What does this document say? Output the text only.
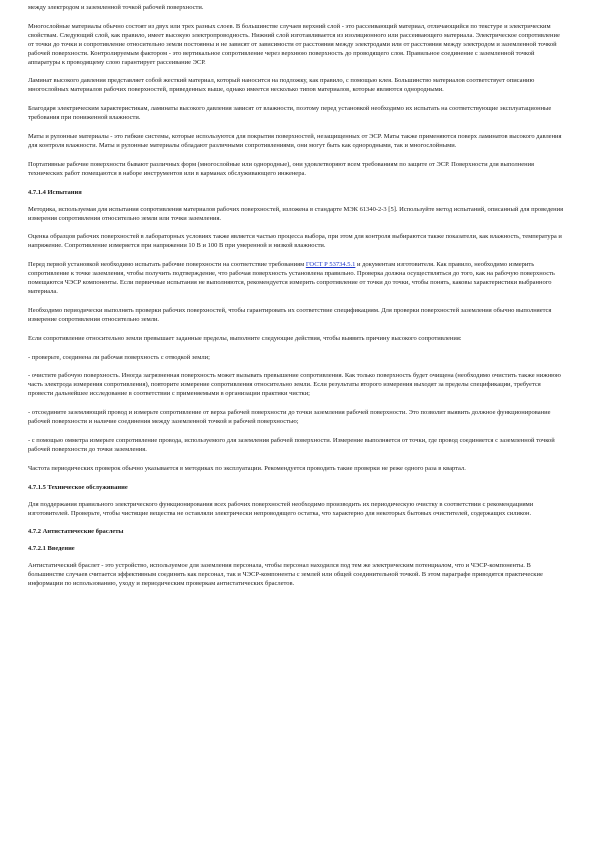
между электродом и заземленной точкой рабочей поверхности.
Многослойные материалы обычно состоят из двух или трех разных слоев. В большинстве случаев верхний слой - это рассеивающий материал, отличающийся по текстуре и электрическим свойствам. Следующий слой, как правило, имеет высокую электропроводность. Нижний слой изготавливается из изоляционного или рассеивающего материала. Электрическое сопротивление от точки до точки и сопротивление относительно земли постоянны и не зависят от зависимости от расстояния между электродами или от расстояния между электродом и заземленной точкой рабочей поверхности. Контролируемым фактором - это вертикальное сопротивление через верхнюю поверхность до проводящего слоя. Правильное соединение с заземленной точкой аппаратуры к проводящему слою гарантирует рассеивание ЭСР.
Ламинат высокого давления представляет собой жесткий материал, который наносится на подложку, как правило, с помощью клея. Большинство материалов соответствует описанию многослойных материалов рабочих поверхностей, приведенных выше, однако имеется несколько типов материалов, которые являются однородными.
Благодаря электрическим характеристикам, ламинаты высокого давления зависят от влажности, поэтому перед установкой необходимо их испытать на соответствующие эксплуатационные требования при пониженной влажности.
Маты и рулонные материалы - это гибкие системы, которые используются для покрытия поверхностей, незащищенных от ЭСР. Маты также применяются поверх ламинатов высокого давления для контроля влажности. Маты и рулонные материалы обладают различными сопротивлениями, они могут быть как однородными, так и многослойными.
Портативные рабочие поверхности бывают различных форм (многослойные или однородные), они удовлетворяют всем требованиям по защите от ЭСР. Поверхности для выполнения технических работ помещаются в наборе инструментов или в карманах обслуживающего инженера.
4.7.1.4 Испытания
Методика, используемая для испытания сопротивления материалов рабочих поверхностей, изложена в стандарте МЭК 61340-2-3 [5]. Используйте метод испытаний, описанный для проведения измерения сопротивления относительно земли или точки заземления.
Оценка образцов рабочих поверхностей в лабораторных условиях также является частью процесса выбора, при этом для контроля выбираются также показатели, как влажность, температура и напряжение. Сопротивление измеряется при напряжении 10 В и 100 В при умеренной и низкой влажности.
Перед первой установкой необходимо испытать рабочие поверхности на соответствие требованиям ГОСТ Р 53734.5.1 и документам изготовителя. Как правило, необходимо измерить сопротивление к точке заземления, чтобы получить подтверждение, что рабочая поверхность установлена правильно. Проверка должна осуществляться до того, как на рабочую поверхность помещаются ЧЭСР компоненты. Если первичные испытания не выполняются, рекомендуется измерить сопротивление от точки до точки, чтобы понять, каковы характеристики выбранного материала.
Необходимо периодически выполнять проверки рабочих поверхностей, чтобы гарантировать их соответствие спецификациям. Для проверки поверхностей заземления обычно выполняется измерение сопротивления относительно земли.
Если сопротивление относительно земли превышает заданные пределы, выполните следующие действия, чтобы выявить причину высокого сопротивления:
- проверьте, соединена ли рабочая поверхность с отводкой земли;
- очистите рабочую поверхность. Иногда загрязненная поверхность может вызывать превышение сопротивления. Как только поверхность будет очищена (необходимо очистить также нижнюю часть электрода измерения сопротивления), повторите измерение сопротивления относительно земли. Если результаты второго измерения выходят за пределы спецификации, требуется провести дальнейшее исследование в соответствии с применяемыми в организации практики чистки;
- отсоедините заземляющий провод и измерьте сопротивление от верха рабочей поверхности до точки заземления рабочей поверхности. Это позволит выявить должное функционирование рабочей поверхности и наличие соединения между заземленной точкой и рабочей поверхностью;
- с помощью омметра измерьте сопротивление провода, используемого для заземления рабочей поверхности. Измерение выполняется от точки, где провод соединяется с заземленной точкой рабочей поверхности до точки заземления.
Частота периодических проверок обычно указывается в методиках по эксплуатации. Рекомендуется проводить такие проверки не реже одного раза в квартал.
4.7.1.5 Техническое обслуживание
Для поддержания правильного электрического функционирования всех рабочих поверхностей необходимо производить их периодическую очистку в соответствии с рекомендациями изготовителей. Проверьте, чтобы чистящие вещества не оставляли электрически непроводящего остатка, что характерно для некоторых бытовых очистителей, содержащих силикон.
4.7.2 Антистатические браслеты
4.7.2.1 Введение
Антистатический браслет - это устройство, используемое для заземления персонала, чтобы персонал находился под тем же электрическим потенциалом, что и ЧЭСР-компоненты. В большинстве случаев считается эффективным соединять как персонал, так и ЧЭСР-компоненты с землей или общей соединительной точкой. В этом параграфе приводятся практические информации по использованию, уходу и периодическим проверкам антистатических браслетов.
